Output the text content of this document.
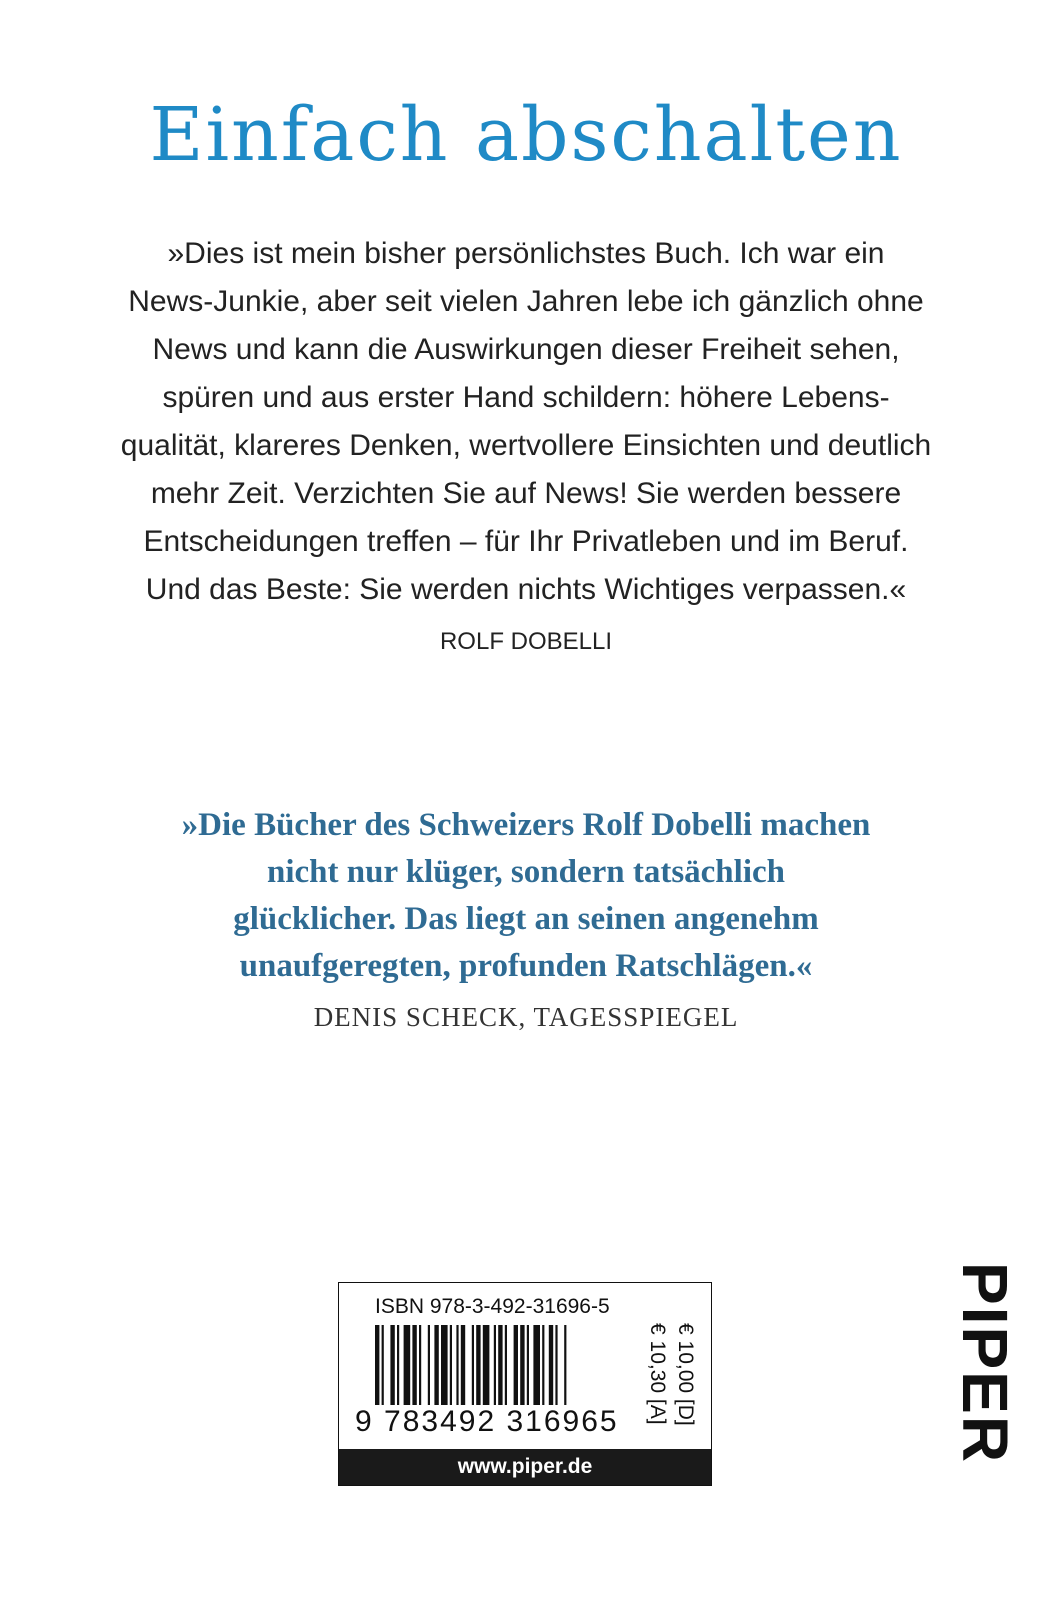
Einfach abschalten
»Dies ist mein bisher persönlichstes Buch. Ich war ein
News-Junkie, aber seit vielen Jahren lebe ich gänzlich ohne
News und kann die Auswirkungen dieser Freiheit sehen,
spüren und aus erster Hand schildern: höhere Lebens-
qualität, klareres Denken, wertvollere Einsichten und deutlich
mehr Zeit. Verzichten Sie auf News! Sie werden bessere
Entscheidungen treffen – für Ihr Privatleben und im Beruf.
Und das Beste: Sie werden nichts Wichtiges verpassen.«
ROLF DOBELLI
»Die Bücher des Schweizers Rolf Dobelli machen
nicht nur klüger, sondern tatsächlich
glücklicher. Das liegt an seinen angenehm
unaufgeregten, profunden Ratschlägen.«
DENIS SCHECK, TAGESSPIEGEL
ISBN 978-3-492-31696-5
9 783492 316965	€ 10,00 [D]
€ 10,30 [A]
www.piper.de
PIPER
